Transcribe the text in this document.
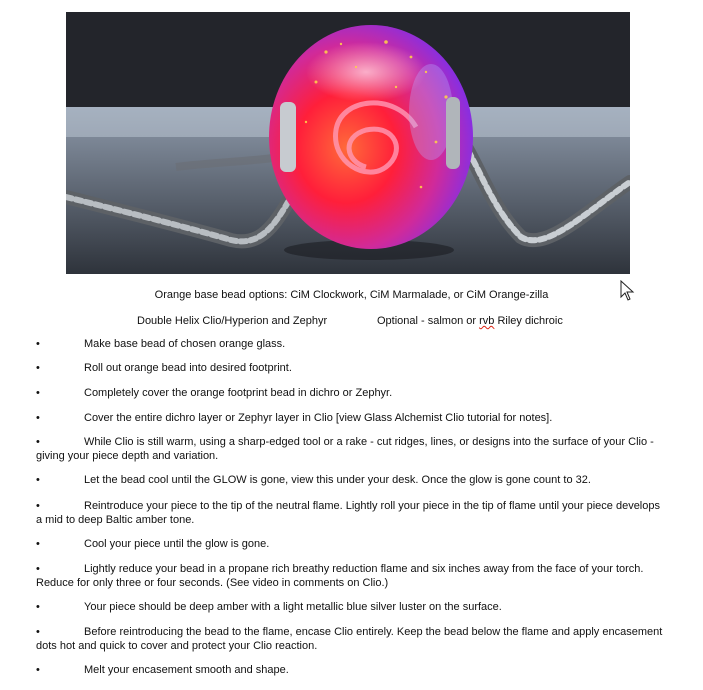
Orange base bead options: CiM Clockwork, CiM Marmalade, or CiM Orange-zilla
Double Helix Clio/Hyperion and Zephyr	Optional - salmon or rvb Riley dichroic
•	Make base bead of chosen orange glass.
•	Roll out orange bead into desired footprint.
•	Completely cover the orange footprint bead in dichro or Zephyr.
•	Cover the entire dichro layer or Zephyr layer in Clio [view Glass Alchemist Clio tutorial for notes].
•	While Clio is still warm, using a sharp-edged tool or a rake - cut ridges, lines, or designs into the surface of your Clio - giving your piece depth and variation.
•	Let the bead cool until the GLOW is gone, view this under your desk. Once the glow is gone count to 32.
•	Reintroduce your piece to the tip of the neutral flame. Lightly roll your piece in the tip of flame until your piece develops a mid to deep Baltic amber tone.
•	Cool your piece until the glow is gone.
•	Lightly reduce your bead in a propane rich breathy reduction flame and six inches away from the face of your torch. Reduce for only three or four seconds. (See video in comments on Clio.)
•	Your piece should be deep amber with a light metallic blue silver luster on the surface.
•	Before reintroducing the bead to the flame, encase Clio entirely. Keep the bead below the flame and apply encasement dots hot and quick to cover and protect your Clio reaction.
•	Melt your encasement smooth and shape.
